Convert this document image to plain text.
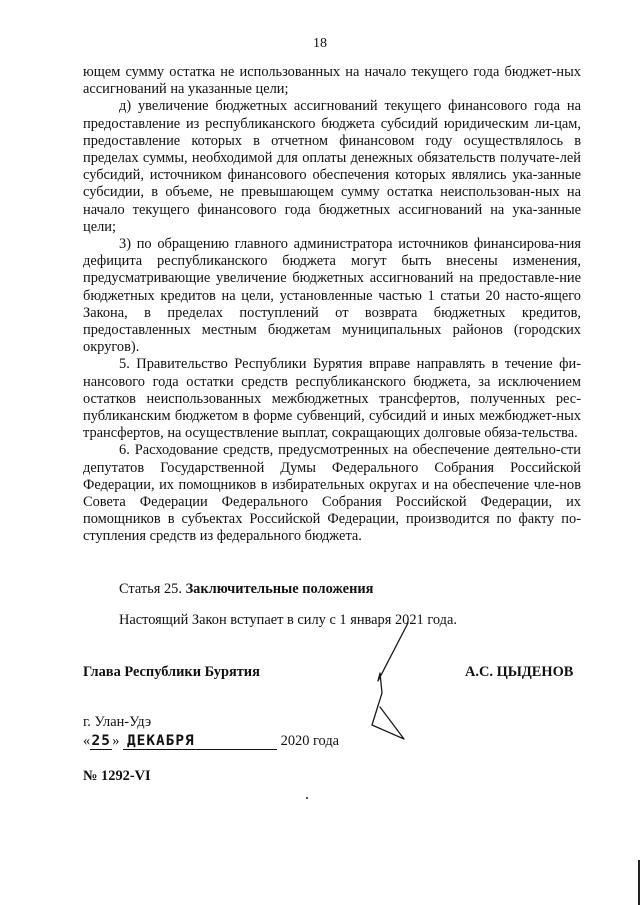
18

ющем сумму остатка не использованных на начало текущего года бюджет-ных ассигнований на указанные цели;

д) увеличение бюджетных ассигнований текущего финансового года на предоставление из республиканского бюджета субсидий юридическим ли-цам, предоставление которых в отчетном финансовом году осуществлялось в пределах суммы, необходимой для оплаты денежных обязательств получате-лей субсидий, источником финансового обеспечения которых являлись ука-занные субсидии, в объеме, не превышающем сумму остатка неиспользован-ных на начало текущего финансового года бюджетных ассигнований на ука-занные цели;

3) по обращению главного администратора источников финансирова-ния дефицита республиканского бюджета могут быть внесены изменения, предусматривающие увеличение бюджетных ассигнований на предоставле-ние бюджетных кредитов на цели, установленные частью 1 статьи 20 насто-ящего Закона, в пределах поступлений от возврата бюджетных кредитов, предоставленных местным бюджетам муниципальных районов (городских округов).

5. Правительство Республики Бурятия вправе направлять в течение фи-нансового года остатки средств республиканского бюджета, за исключением остатков неиспользованных межбюджетных трансфертов, полученных рес-публиканским бюджетом в форме субвенций, субсидий и иных межбюджет-ных трансфертов, на осуществление выплат, сокращающих долговые обяза-тельства.

6. Расходование средств, предусмотренных на обеспечение деятельно-сти депутатов Государственной Думы Федерального Собрания Российской Федерации, их помощников в избирательных округах и на обеспечение чле-нов Совета Федерации Федерального Собрания Российской Федерации, их помощников в субъектах Российской Федерации, производится по факту по-ступления средств из федерального бюджета.

Статья 25. Заключительные положения
Настоящий Закон вступает в силу с 1 января 2021 года.
Глава Республики Бурятия	А.С. ЦЫДЕНОВ
г. Улан-Удэ
«25» ДЕКАБРЯ	2020 года
№ 1292-VI
